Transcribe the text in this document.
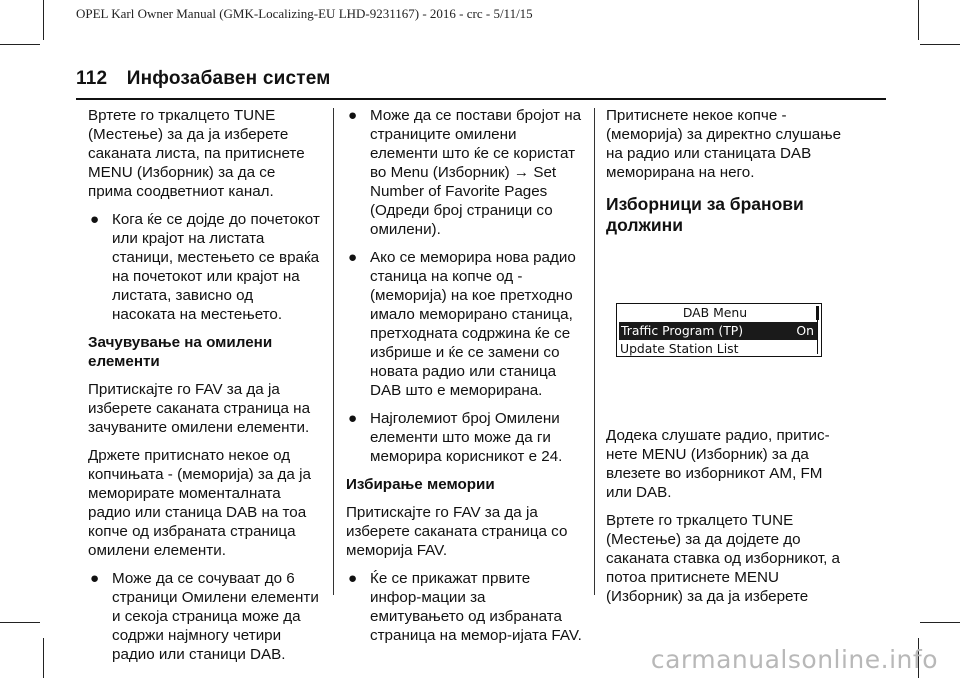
OPEL Karl Owner Manual (GMK-Localizing-EU LHD-9231167) - 2016 - crc - 5/11/15
112 Инфозабавен систем

Вртете го тркалцето TUNE (Местење) за да ја изберете саканата листа, па притиснете MENU (Изборник) за да се прима соодветниот канал.

● Кога ќе се дојде до почетокот или крајот на листата станици, местењето се враќа на почетокот или крајот на листата, зависно од насоката на местењето.
Зачувување на омилени елементи

Притискајте го FAV за да ја изберете саканата страница на зачуваните омилени елементи.

Држете притиснато некое од копчињата - (меморија) за да ја меморирате моменталната радио или станица DAB на тоа копче од избраната страница омилени елементи.

● Може да се сочуваат до 6 страници Омилени елементи и секоја страница може да содржи најмногу четири радио или станици DAB.
● Може да се постави бројот на страниците омилени елементи што ќе се користат во Menu (Изборник) → Set Number of Favorite Pages (Одреди број страници со омилени).
● Ако се меморира нова радио станица на копче од - (меморија) на кое претходно имало меморирано станица, претходната содржина ќе се избрише и ќе се замени со новата радио или станица DAB што е меморирана.
● Најголемиот број Омилени елементи што може да ги меморира корисникот е 24.
Избирање мемории

Притискајте го FAV за да ја изберете саканата страница со меморија FAV.

● Ќе се прикажат првите инфор-мации за емитувањето од избраната страница на мемор-ијата FAV.

Притиснете некое копче - (меморија) за директно слушање на радио или станицата DAB меморирана на него.

Изборници за бранови должини

Додека слушате радио, притис-нете MENU (Изборник) за да влезете во изборникот AM, FM или DAB.

Вртете го тркалцето TUNE (Местење) за да дојдете до саканата ставка од изборникот, а потоа притиснете MENU (Изборник) за да ја изберете

DAB Menu
Traffic Program (TP)	On
Update Station List
carmanualsonline.info
